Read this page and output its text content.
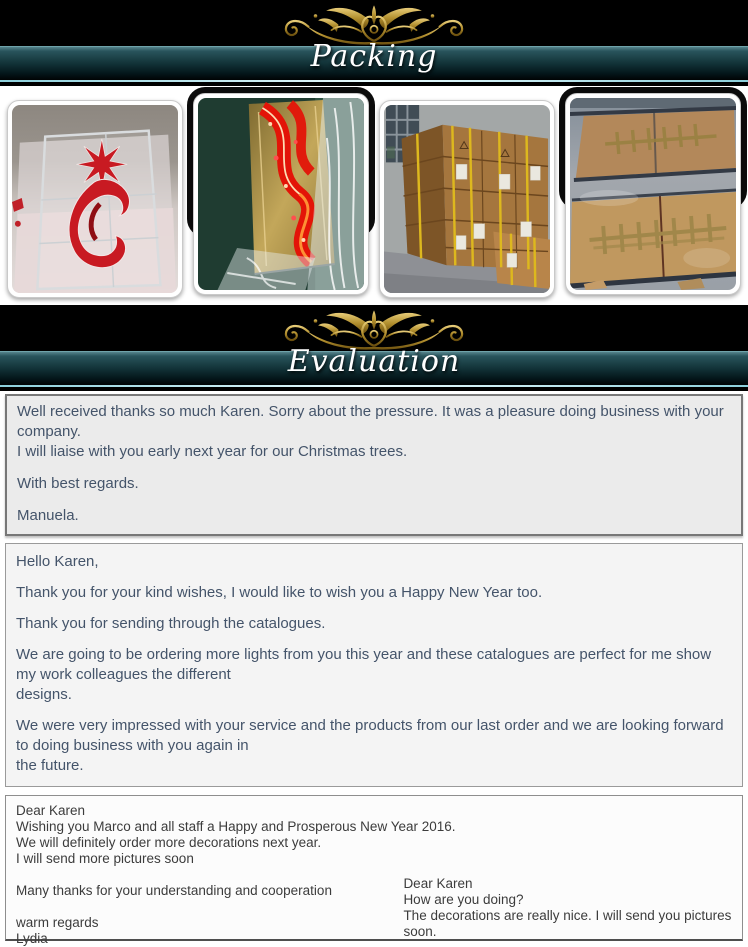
Packing
Evaluation
Well received thanks so much Karen. Sorry about the pressure. It was a pleasure doing business with your company.
I will liaise with you early next year for our Christmas trees.
With best regards.
Manuela.
Hello Karen,
Thank you for your kind wishes, I would like to wish you a Happy New Year too.
Thank you for sending through the catalogues.
We are going to be ordering more lights from you this year and these catalogues are perfect for me show my work colleagues the different
designs.
We were very impressed with your service and the products from our last order and we are looking forward to doing business with you again in
the future.
Dear Karen
Wishing you Marco and all staff a Happy and Prosperous New Year 2016.
We will definitely order more decorations next year.
I will send more pictures soon
Many thanks for your understanding and cooperation
warm regards
Lydia
Dear Karen
How are you doing?
The decorations are really nice. I will send you pictures soon.
